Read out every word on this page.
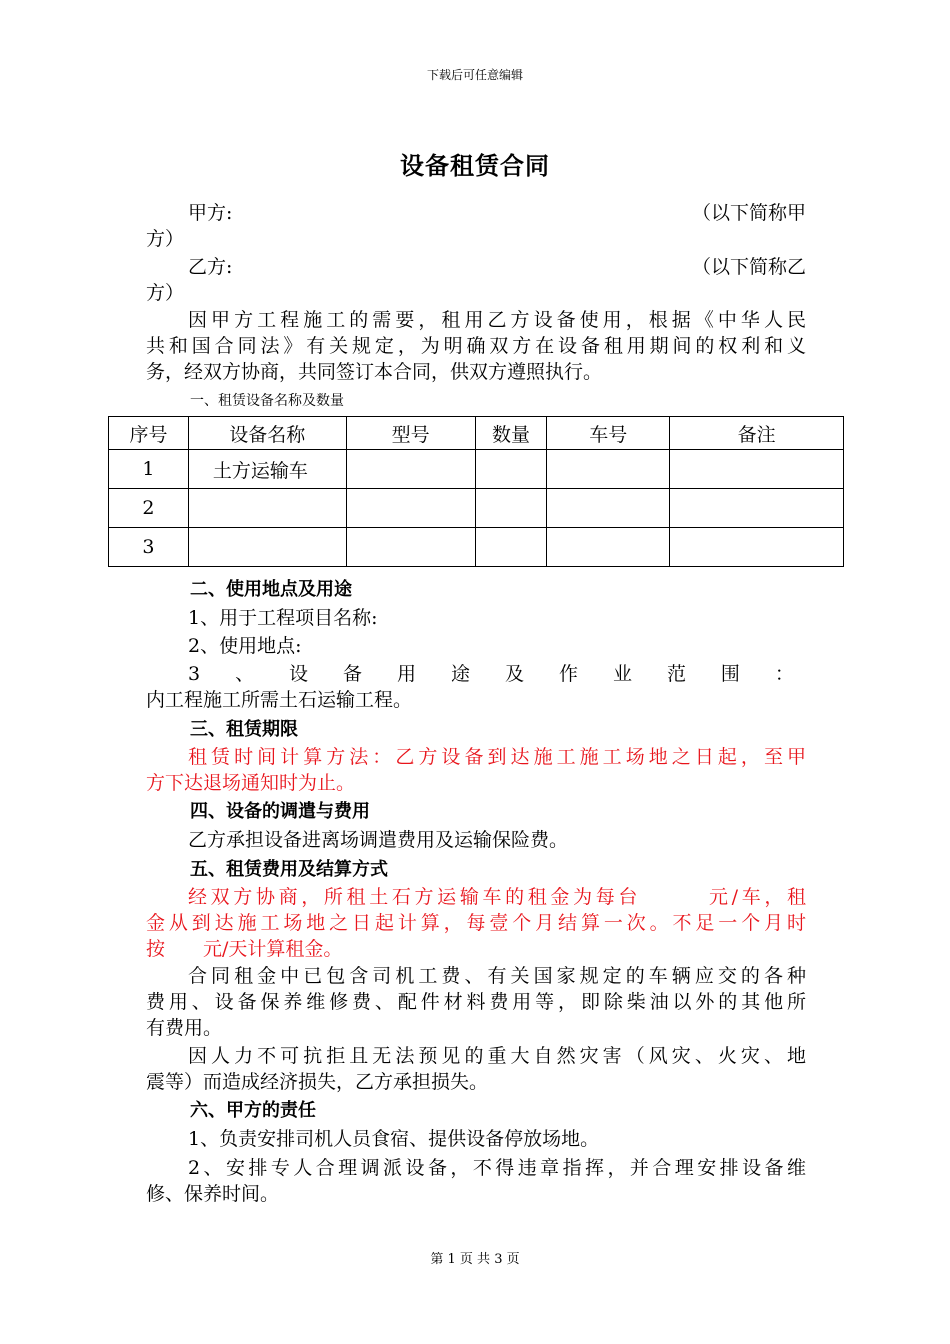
下载后可任意编辑
设备租赁合同
甲方:	（以下简称甲
方）
乙方:	（以下简称乙
方）
因甲方工程施工的需要，租用乙方设备使用，根据《中华人民
共和国合同法》有关规定，为明确双方在设备租用期间的权利和义
务，经双方协商，共同签订本合同，供双方遵照执行。
一、租赁设备名称及数量
序号	设备名称	型号	数量	车号	备注
1	土方运输车				
2					
3					
二、使用地点及用途
1、用于工程项目名称:
2、使用地点:
3 、 设 备 用 途 及 作 业 范 围 ：
内工程施工所需土石运输工程。
三、租赁期限
租赁时间计算方法：乙方设备到达施工施工场地之日起，至甲
方下达退场通知时为止。
四、设备的调遣与费用
乙方承担设备进离场调遣费用及运输保险费。
五、租赁费用及结算方式
经双方协商，所租土石方运输车的租金为每台　　　元/车，租
金从到达施工场地之日起计算，每壹个月结算一次。不足一个月时
按　　元/天计算租金。
合同租金中已包含司机工费、有关国家规定的车辆应交的各种
费用、设备保养维修费、配件材料费用等，即除柴油以外的其他所
有费用。
因人力不可抗拒且无法预见的重大自然灾害（风灾、火灾、地
震等）而造成经济损失，乙方承担损失。
六、甲方的责任
1、负责安排司机人员食宿、提供设备停放场地。
2、安排专人合理调派设备，不得违章指挥，并合理安排设备维
修、保养时间。
第 1 页 共 3 页
